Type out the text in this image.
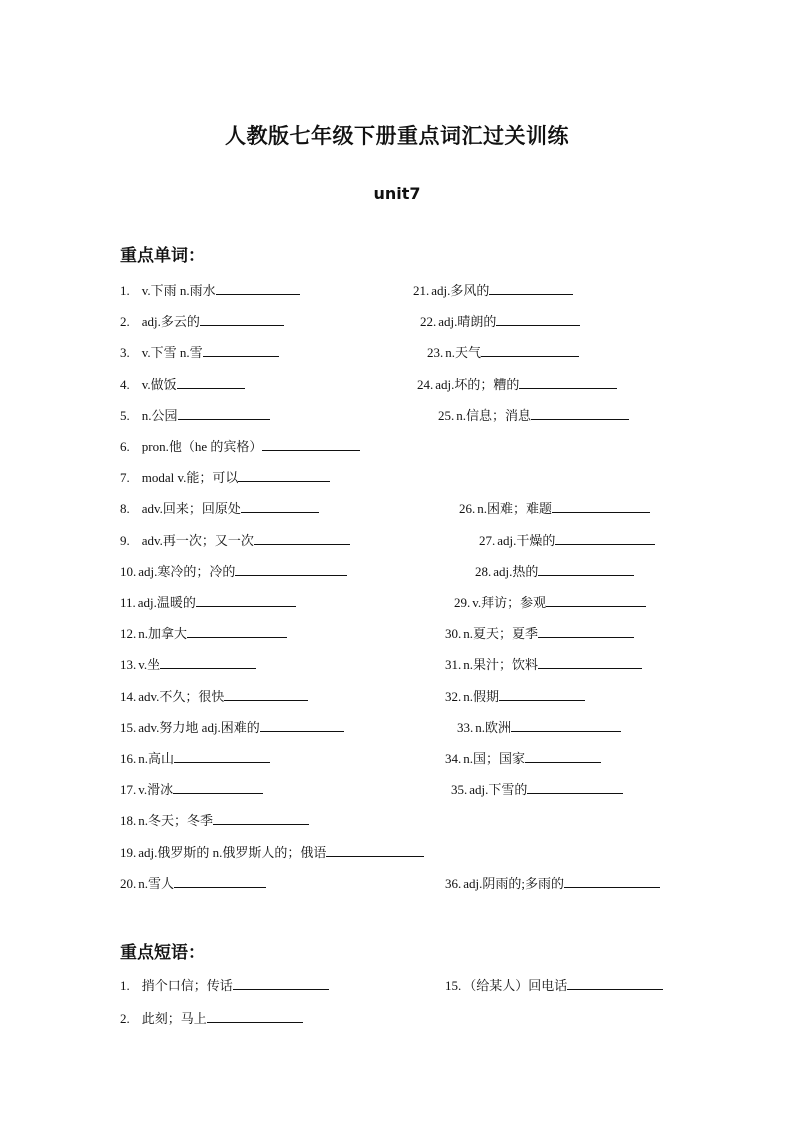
人教版七年级下册重点词汇过关训练
unit7
重点单词：
重点短语：
1. v.下雨 n.雨水
2. adj.多云的
3. v.下雪 n.雪
4. v.做饭
5. n.公园
6. pron.他（he 的宾格）
7. modal v.能；可以
8. adv.回来；回原处
9. adv.再一次；又一次
10. adj.寒冷的；冷的
11. adj.温暖的
12. n.加拿大
13. v.坐
14. adv.不久；很快
15. adv.努力地 adj.困难的
16. n.高山
17. v.滑冰
18. n.冬天；冬季
19. adj.俄罗斯的 n.俄罗斯人的；俄语
20. n.雪人
21. adj.多风的
22. adj.晴朗的
23. n.天气
24. adj.坏的；糟的
25. n.信息；消息
26. n.困难；难题
27. adj.干燥的
28. adj.热的
29. v.拜访；参观
30. n.夏天；夏季
31. n.果汁；饮料
32. n.假期
33. n.欧洲
34. n.国；国家
35. adj.下雪的
36. adj.阴雨的;多雨的
1. 捎个口信；传话
2. 此刻；马上
15. （给某人）回电话
